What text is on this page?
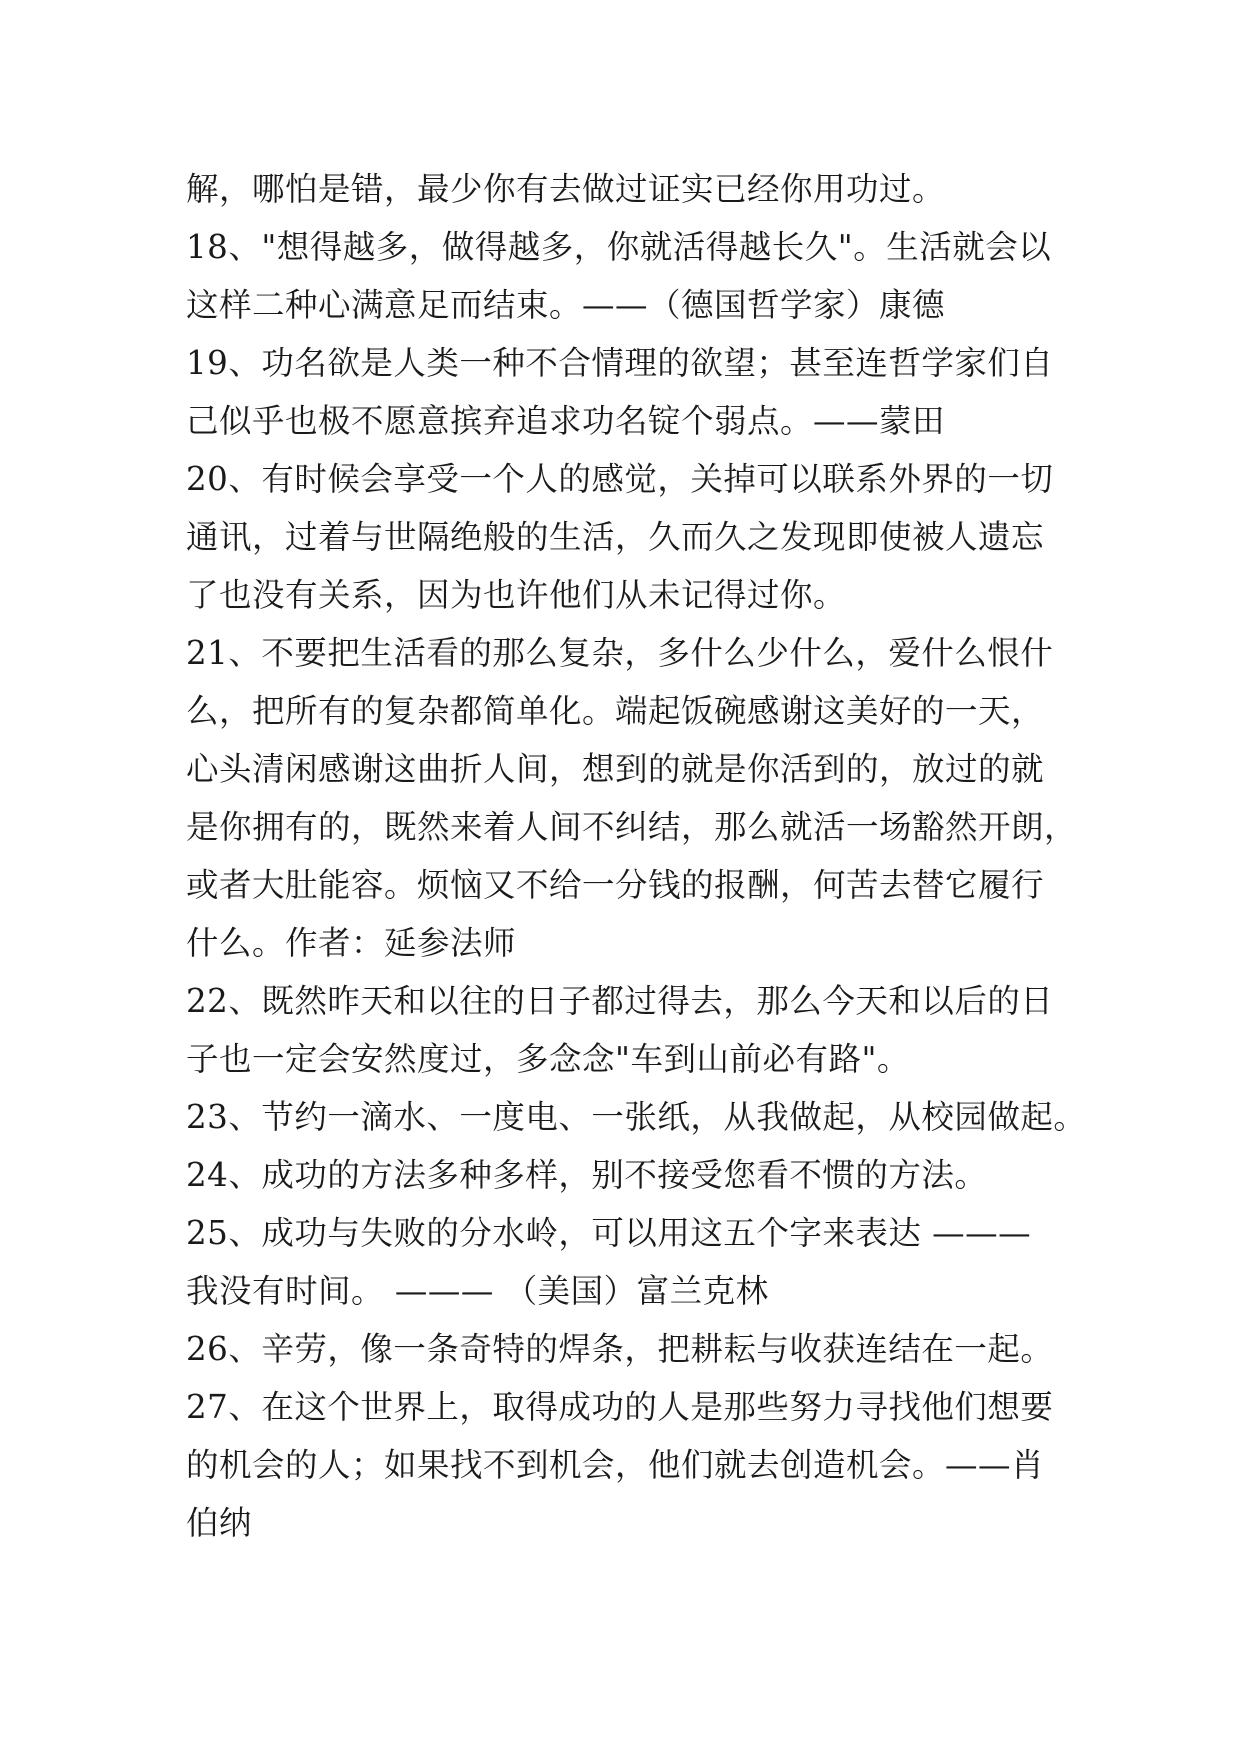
解，哪怕是错，最少你有去做过证实已经你用功过。
18、"想得越多，做得越多，你就活得越长久"。生活就会以
这样二种心满意足而结束。——（德国哲学家）康德
19、功名欲是人类一种不合情理的欲望；甚至连哲学家们自
己似乎也极不愿意摈弃追求功名锭个弱点。——蒙田
20、有时候会享受一个人的感觉，关掉可以联系外界的一切
通讯，过着与世隔绝般的生活，久而久之发现即使被人遗忘
了也没有关系，因为也许他们从未记得过你。
21、不要把生活看的那么复杂，多什么少什么，爱什么恨什
么，把所有的复杂都简单化。端起饭碗感谢这美好的一天，
心头清闲感谢这曲折人间，想到的就是你活到的，放过的就
是你拥有的，既然来着人间不纠结，那么就活一场豁然开朗，
或者大肚能容。烦恼又不给一分钱的报酬，何苦去替它履行
什么。作者：延参法师
22、既然昨天和以往的日子都过得去，那么今天和以后的日
子也一定会安然度过，多念念"车到山前必有路"。
23、节约一滴水、一度电、一张纸，从我做起，从校园做起。
24、成功的方法多种多样，别不接受您看不惯的方法。
25、成功与失败的分水岭，可以用这五个字来表达 ———
我没有时间。 ——— （美国）富兰克林
26、辛劳，像一条奇特的焊条，把耕耘与收获连结在一起。
27、在这个世界上，取得成功的人是那些努力寻找他们想要
的机会的人；如果找不到机会，他们就去创造机会。——肖
伯纳
